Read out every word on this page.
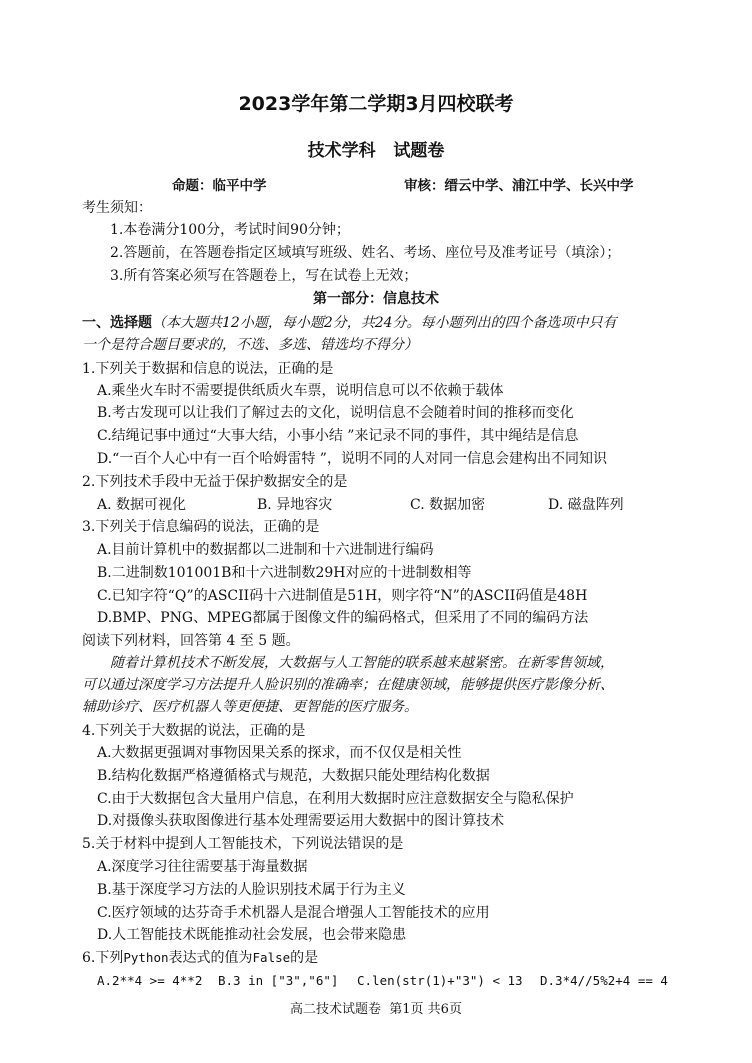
2023学年第二学期3月四校联考
技术学科   试题卷
命题：临平中学	审核：缙云中学、浦江中学、长兴中学
考生须知：
1.本卷满分100分，考试时间90分钟；
2.答题前，在答题卷指定区域填写班级、姓名、考场、座位号及准考证号（填涂）；
3.所有答案必须写在答题卷上，写在试卷上无效；
第一部分：信息技术
一、选择题（本大题共12小题，每小题2分，共24分。每小题列出的四个备选项中只有
一个是符合题目要求的，不选、多选、错选均不得分）
1.下列关于数据和信息的说法，正确的是
A.乘坐火车时不需要提供纸质火车票，说明信息可以不依赖于载体
B.考古发现可以让我们了解过去的文化，说明信息不会随着时间的推移而变化
C.结绳记事中通过“大事大结，小事小结 ”来记录不同的事件，其中绳结是信息
D.“一百个人心中有一百个哈姆雷特 ”，说明不同的人对同一信息会建构出不同知识
2.下列技术手段中无益于保护数据安全的是
A. 数据可视化	B. 异地容灾	C. 数据加密	D. 磁盘阵列
3.下列关于信息编码的说法，正确的是
A.目前计算机中的数据都以二进制和十六进制进行编码
B.二进制数101001B和十六进制数29H对应的十进制数相等
C.已知字符“Q”的ASCII码十六进制值是51H，则字符“N”的ASCII码值是48H
D.BMP、PNG、MPEG都属于图像文件的编码格式，但采用了不同的编码方法
阅读下列材料，回答第 4 至 5 题。
随着计算机技术不断发展，大数据与人工智能的联系越来越紧密。在新零售领域，
可以通过深度学习方法提升人脸识别的准确率；在健康领域，能够提供医疗影像分析、
辅助诊疗、医疗机器人等更便捷、更智能的医疗服务。
4.下列关于大数据的说法，正确的是
A.大数据更强调对事物因果关系的探求，而不仅仅是相关性
B.结构化数据严格遵循格式与规范，大数据只能处理结构化数据
C.由于大数据包含大量用户信息，在利用大数据时应注意数据安全与隐私保护
D.对摄像头获取图像进行基本处理需要运用大数据中的图计算技术
5.关于材料中提到人工智能技术，下列说法错误的是
A.深度学习往往需要基于海量数据
B.基于深度学习方法的人脸识别技术属于行为主义
C.医疗领域的达芬奇手术机器人是混合增强人工智能技术的应用
D.人工智能技术既能推动社会发展，也会带来隐患
6.下列Python表达式的值为False的是
A.2**4 >= 4**2 B.3 in ["3","6"] C.len(str(1)+"3") < 13 D.3*4//5%2+4 == 4
高二技术试题卷  第1页 共6页
